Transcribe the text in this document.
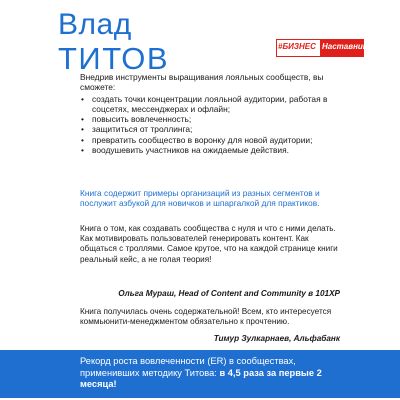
Влад
ТИТОВ	#БИЗНЕС Наставник

Внедрив инструменты выращивания лояльных сообществ, вы сможете:

• создать точки концентрации лояльной аудитории, работая в соцсетях, мессенджерах и офлайн;
• повысить вовлеченность;
• защититься от троллинга;
• превратить сообщество в воронку для новой аудитории;
• воодушевить участников на ожидаемые действия.
Книга содержит примеры организаций из разных сегментов и послужит азбукой для новичков и шпаргалкой для практиков.
Книга о том, как создавать сообщества с нуля и что с ними делать. Как мотивировать пользователей генерировать контент. Как общаться с троллями. Самое крутое, что на каждой странице книги реальный кейс, а не голая теория!
Ольга Мураш, Head of Content and Community в 101XP
Книга получилась очень содержательной! Всем, кто интересуется коммьюнити-менеджментом обязательно к прочтению.
Тимур Зулкарнаев, Альфабанк
Рекорд роста вовлеченности (ER) в сообществах, применивших методику Титова: в 4,5 раза за первые 2 месяца!
